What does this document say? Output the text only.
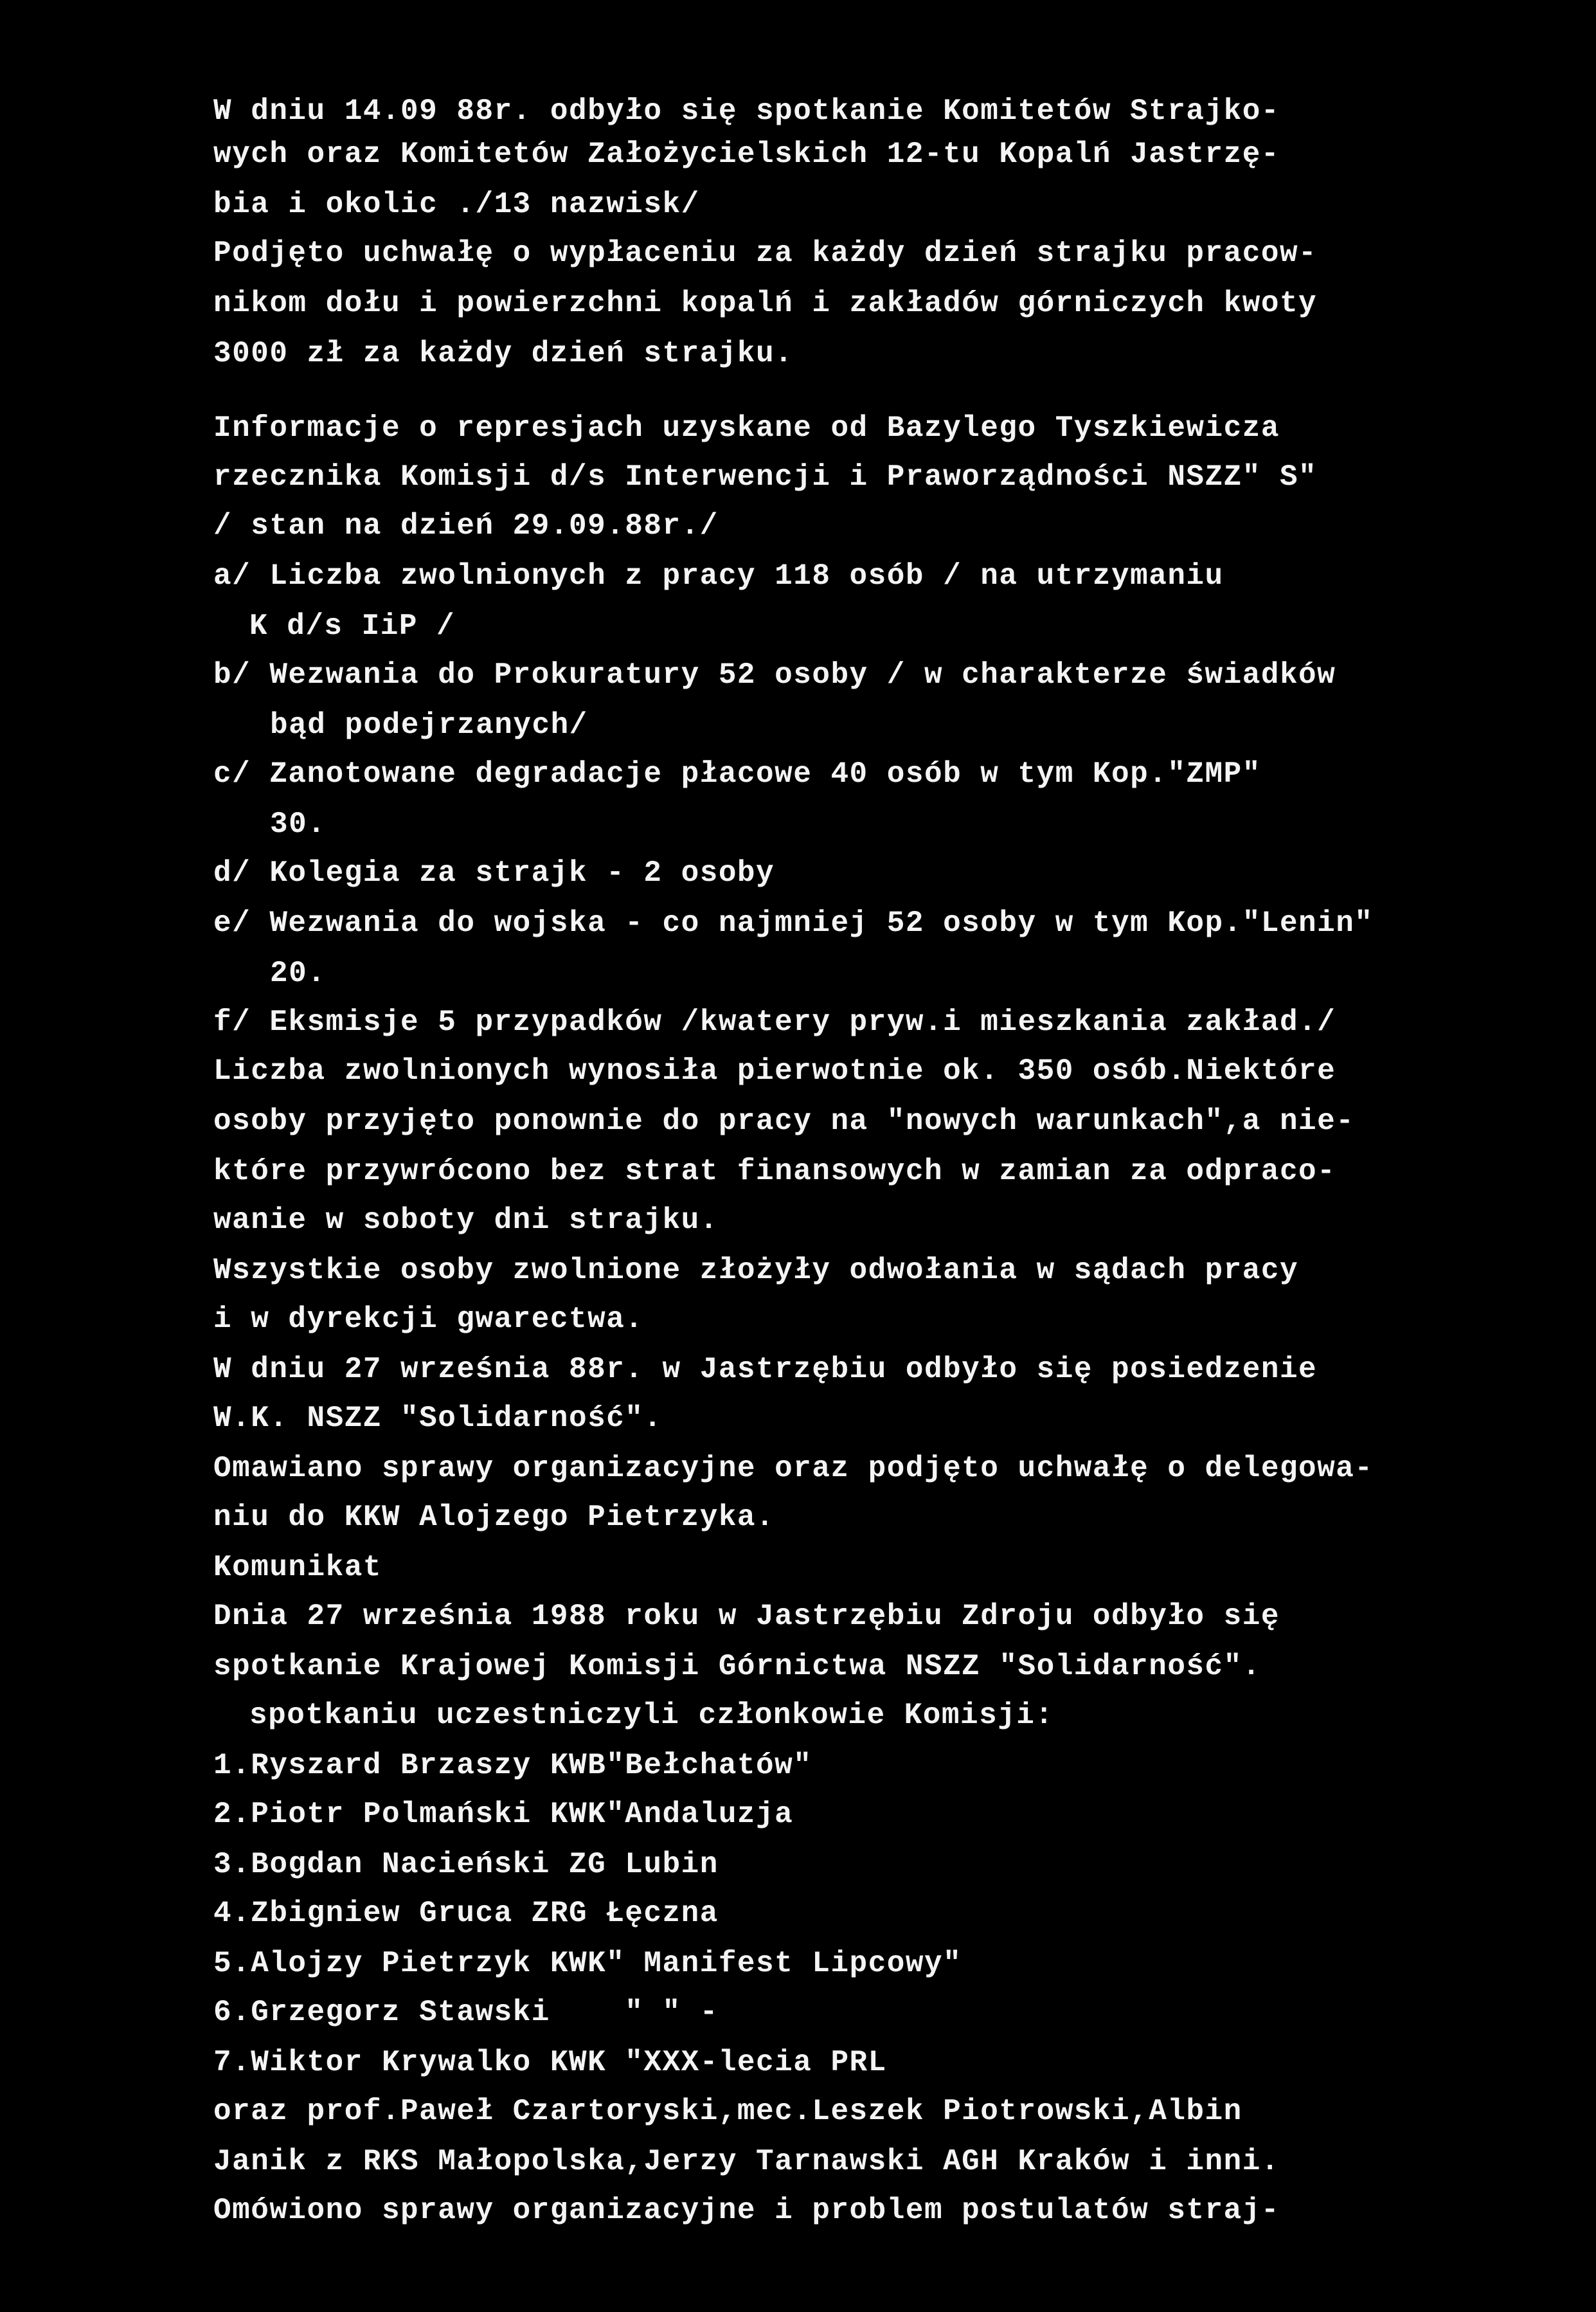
W dniu 14.09 88r. odbyło się spotkanie Komitetów Strajko-
wych oraz Komitetów Założycielskich 12-tu Kopalń Jastrzę-
bia i okolic ./13 nazwisk/
Podjęto uchwałę o wypłaceniu za każdy dzień strajku pracow-
nikom dołu i powierzchni kopalń i zakładów górniczych kwoty
3000 zł za każdy dzień strajku.
Informacje o represjach uzyskane od Bazylego Tyszkiewicza
rzecznika Komisji d/s Interwencji i Praworządności NSZZ" S"
/ stan na dzień 29.09.88r./
a/ Liczba zwolnionych z pracy 118 osób / na utrzymaniu
K d/s IiP /
b/ Wezwania do Prokuratury 52 osoby / w charakterze świadków
bąd podejrzanych/
c/ Zanotowane degradacje płacowe 40 osób w tym Kop."ZMP"
30.
d/ Kolegia za strajk - 2 osoby
e/ Wezwania do wojska - co najmniej 52 osoby w tym Kop."Lenin"
20.
f/ Eksmisje 5 przypadków /kwatery pryw.i mieszkania zakład./
Liczba zwolnionych wynosiła pierwotnie ok. 350 osób.Niektóre
osoby przyjęto ponownie do pracy na "nowych warunkach",a nie-
które przywrócono bez strat finansowych w zamian za odpraco-
wanie w soboty dni strajku.
Wszystkie osoby zwolnione złożyły odwołania w sądach pracy
i w dyrekcji gwarectwa.
W dniu 27 września 88r. w Jastrzębiu odbyło się posiedzenie
W.K. NSZZ "Solidarność".
Omawiano sprawy organizacyjne oraz podjęto uchwałę o delegowa-
niu do KKW Alojzego Pietrzyka.
Komunikat
Dnia 27 września 1988 roku w Jastrzębiu Zdroju odbyło się
spotkanie Krajowej Komisji Górnictwa NSZZ "Solidarność".
spotkaniu uczestniczyli członkowie Komisji:
1.Ryszard Brzaszy KWB"Bełchatów"
2.Piotr Polmański KWK"Andaluzja
3.Bogdan Nacieński ZG Lubin
4.Zbigniew Gruca ZRG Łęczna
5.Alojzy Pietrzyk KWK" Manifest Lipcowy"
6.Grzegorz Stawski    " " -
7.Wiktor Krywalko KWK "XXX-lecia PRL
oraz prof.Paweł Czartoryski,mec.Leszek Piotrowski,Albin
Janik z RKS Małopolska,Jerzy Tarnawski AGH Kraków i inni.
Omówiono sprawy organizacyjne i problem postulatów straj-
